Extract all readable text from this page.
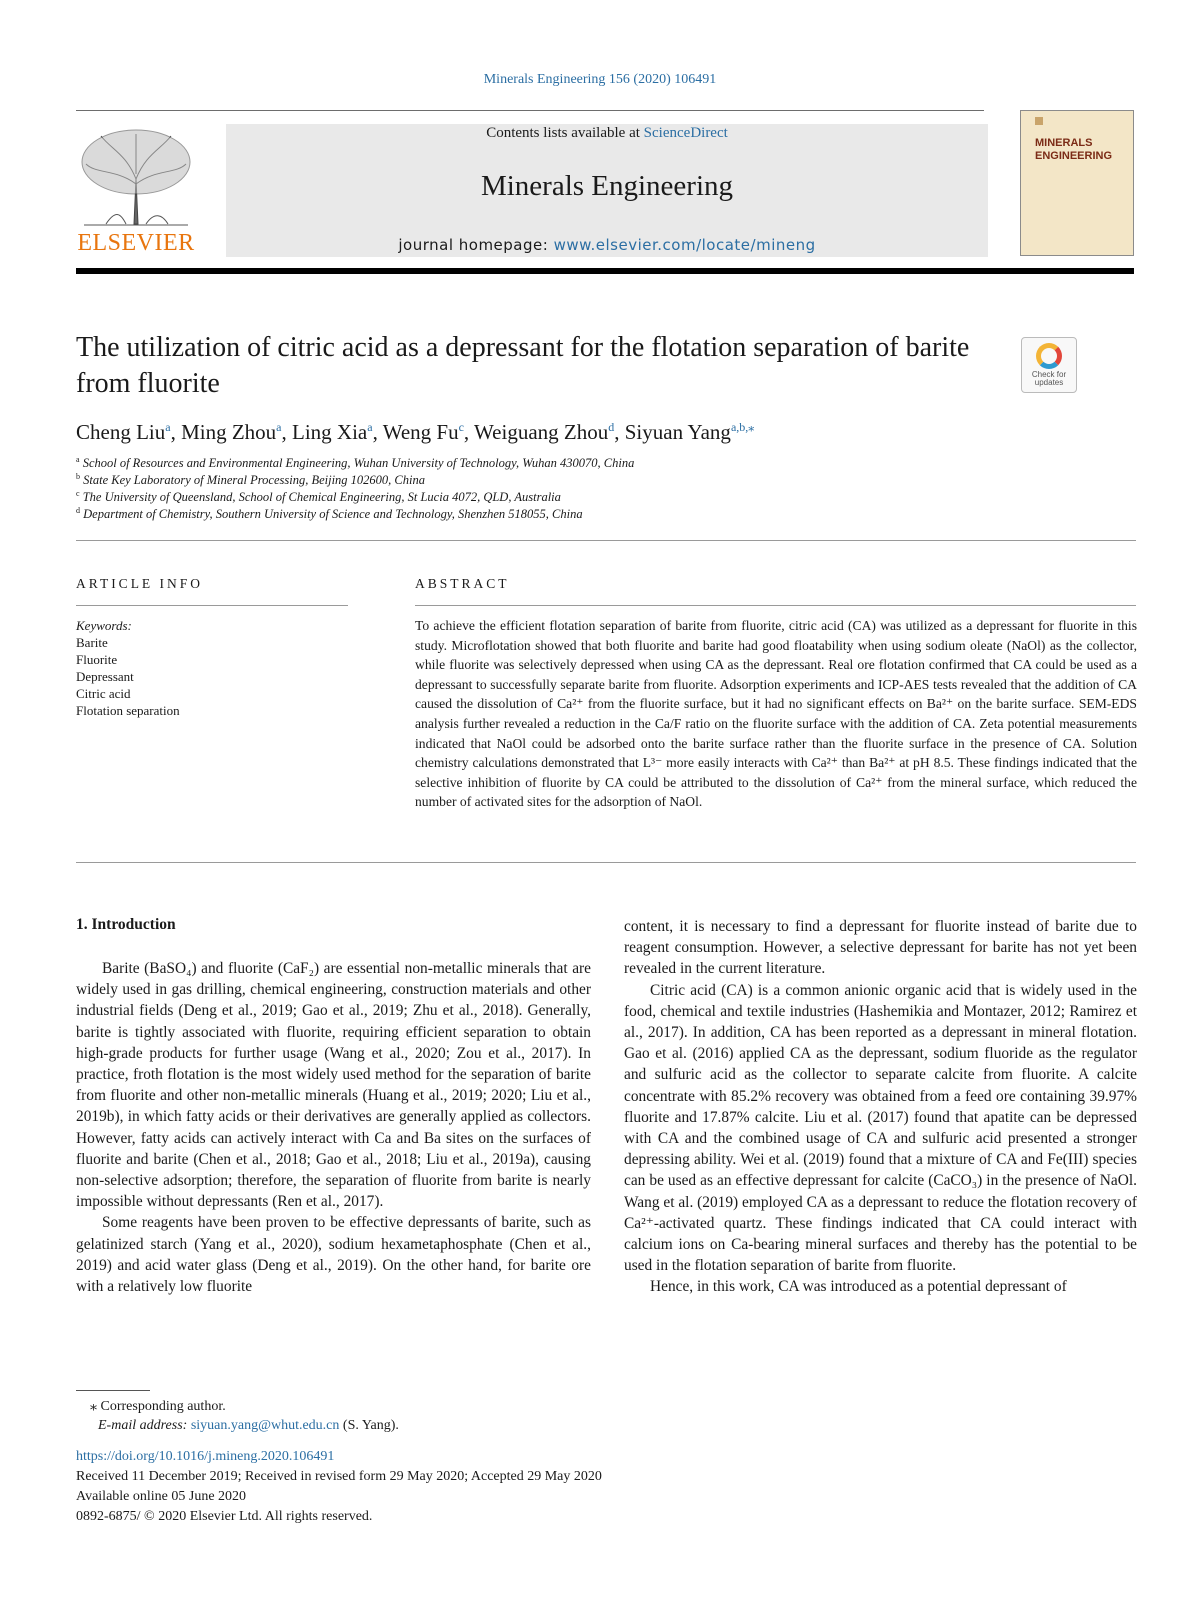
Minerals Engineering 156 (2020) 106491
ELSEVIER
Contents lists available at ScienceDirect
Minerals Engineering
journal homepage: www.elsevier.com/locate/mineng
MINERALS
ENGINEERING
The utilization of citric acid as a depressant for the flotation separation of barite from fluorite	Check for
updates
Cheng Liu$^a$, Ming Zhou$^a$, Ling Xia$^a$, Weng Fu$^c$, Weiguang Zhou$^d$, Siyuan Yang$^{a,b,⁎}$
$^a$ School of Resources and Environmental Engineering, Wuhan University of Technology, Wuhan 430070, China
$^b$ State Key Laboratory of Mineral Processing, Beijing 102600, China
$^c$ The University of Queensland, School of Chemical Engineering, St Lucia 4072, QLD, Australia
$^d$ Department of Chemistry, Southern University of Science and Technology, Shenzhen 518055, China
ARTICLE INFO
Keywords:
Barite
Fluorite
Depressant
Citric acid
Flotation separation
ABSTRACT
To achieve the efficient flotation separation of barite from fluorite, citric acid (CA) was utilized as a depressant for fluorite in this study. Microflotation showed that both fluorite and barite had good floatability when using sodium oleate (NaOl) as the collector, while fluorite was selectively depressed when using CA as the depressant. Real ore flotation confirmed that CA could be used as a depressant to successfully separate barite from fluorite. Adsorption experiments and ICP-AES tests revealed that the addition of CA caused the dissolution of Ca²⁺ from the fluorite surface, but it had no significant effects on Ba²⁺ on the barite surface. SEM-EDS analysis further revealed a reduction in the Ca/F ratio on the fluorite surface with the addition of CA. Zeta potential measurements indicated that NaOl could be adsorbed onto the barite surface rather than the fluorite surface in the presence of CA. Solution chemistry calculations demonstrated that L³⁻ more easily interacts with Ca²⁺ than Ba²⁺ at pH 8.5. These findings indicated that the selective inhibition of fluorite by CA could be attributed to the dissolution of Ca²⁺ from the mineral surface, which reduced the number of activated sites for the adsorption of NaOl.
1. Introduction

Barite (BaSO₄) and fluorite (CaF₂) are essential non-metallic minerals that are widely used in gas drilling, chemical engineering, construction materials and other industrial fields (Deng et al., 2019; Gao et al., 2019; Zhu et al., 2018). Generally, barite is tightly associated with fluorite, requiring efficient separation to obtain high-grade products for further usage (Wang et al., 2020; Zou et al., 2017). In practice, froth flotation is the most widely used method for the separation of barite from fluorite and other non-metallic minerals (Huang et al., 2019; 2020; Liu et al., 2019b), in which fatty acids or their derivatives are generally applied as collectors. However, fatty acids can actively interact with Ca and Ba sites on the surfaces of fluorite and barite (Chen et al., 2018; Gao et al., 2018; Liu et al., 2019a), causing non-selective adsorption; therefore, the separation of fluorite from barite is nearly impossible without depressants (Ren et al., 2017).

Some reagents have been proven to be effective depressants of barite, such as gelatinized starch (Yang et al., 2020), sodium hexametaphosphate (Chen et al., 2019) and acid water glass (Deng et al., 2019). On the other hand, for barite ore with a relatively low fluorite

content, it is necessary to find a depressant for fluorite instead of barite due to reagent consumption. However, a selective depressant for barite has not yet been revealed in the current literature.

Citric acid (CA) is a common anionic organic acid that is widely used in the food, chemical and textile industries (Hashemikia and Montazer, 2012; Ramirez et al., 2017). In addition, CA has been reported as a depressant in mineral flotation. Gao et al. (2016) applied CA as the depressant, sodium fluoride as the regulator and sulfuric acid as the collector to separate calcite from fluorite. A calcite concentrate with 85.2% recovery was obtained from a feed ore containing 39.97% fluorite and 17.87% calcite. Liu et al. (2017) found that apatite can be depressed with CA and the combined usage of CA and sulfuric acid presented a stronger depressing ability. Wei et al. (2019) found that a mixture of CA and Fe(III) species can be used as an effective depressant for calcite (CaCO₃) in the presence of NaOl. Wang et al. (2019) employed CA as a depressant to reduce the flotation recovery of Ca²⁺-activated quartz. These findings indicated that CA could interact with calcium ions on Ca-bearing mineral surfaces and thereby has the potential to be used in the flotation separation of barite from fluorite.

Hence, in this work, CA was introduced as a potential depressant of

⁎ Corresponding author.
E-mail address: siyuan.yang@whut.edu.cn (S. Yang).
https://doi.org/10.1016/j.mineng.2020.106491
Received 11 December 2019; Received in revised form 29 May 2020; Accepted 29 May 2020
Available online 05 June 2020
0892-6875/ © 2020 Elsevier Ltd. All rights reserved.
